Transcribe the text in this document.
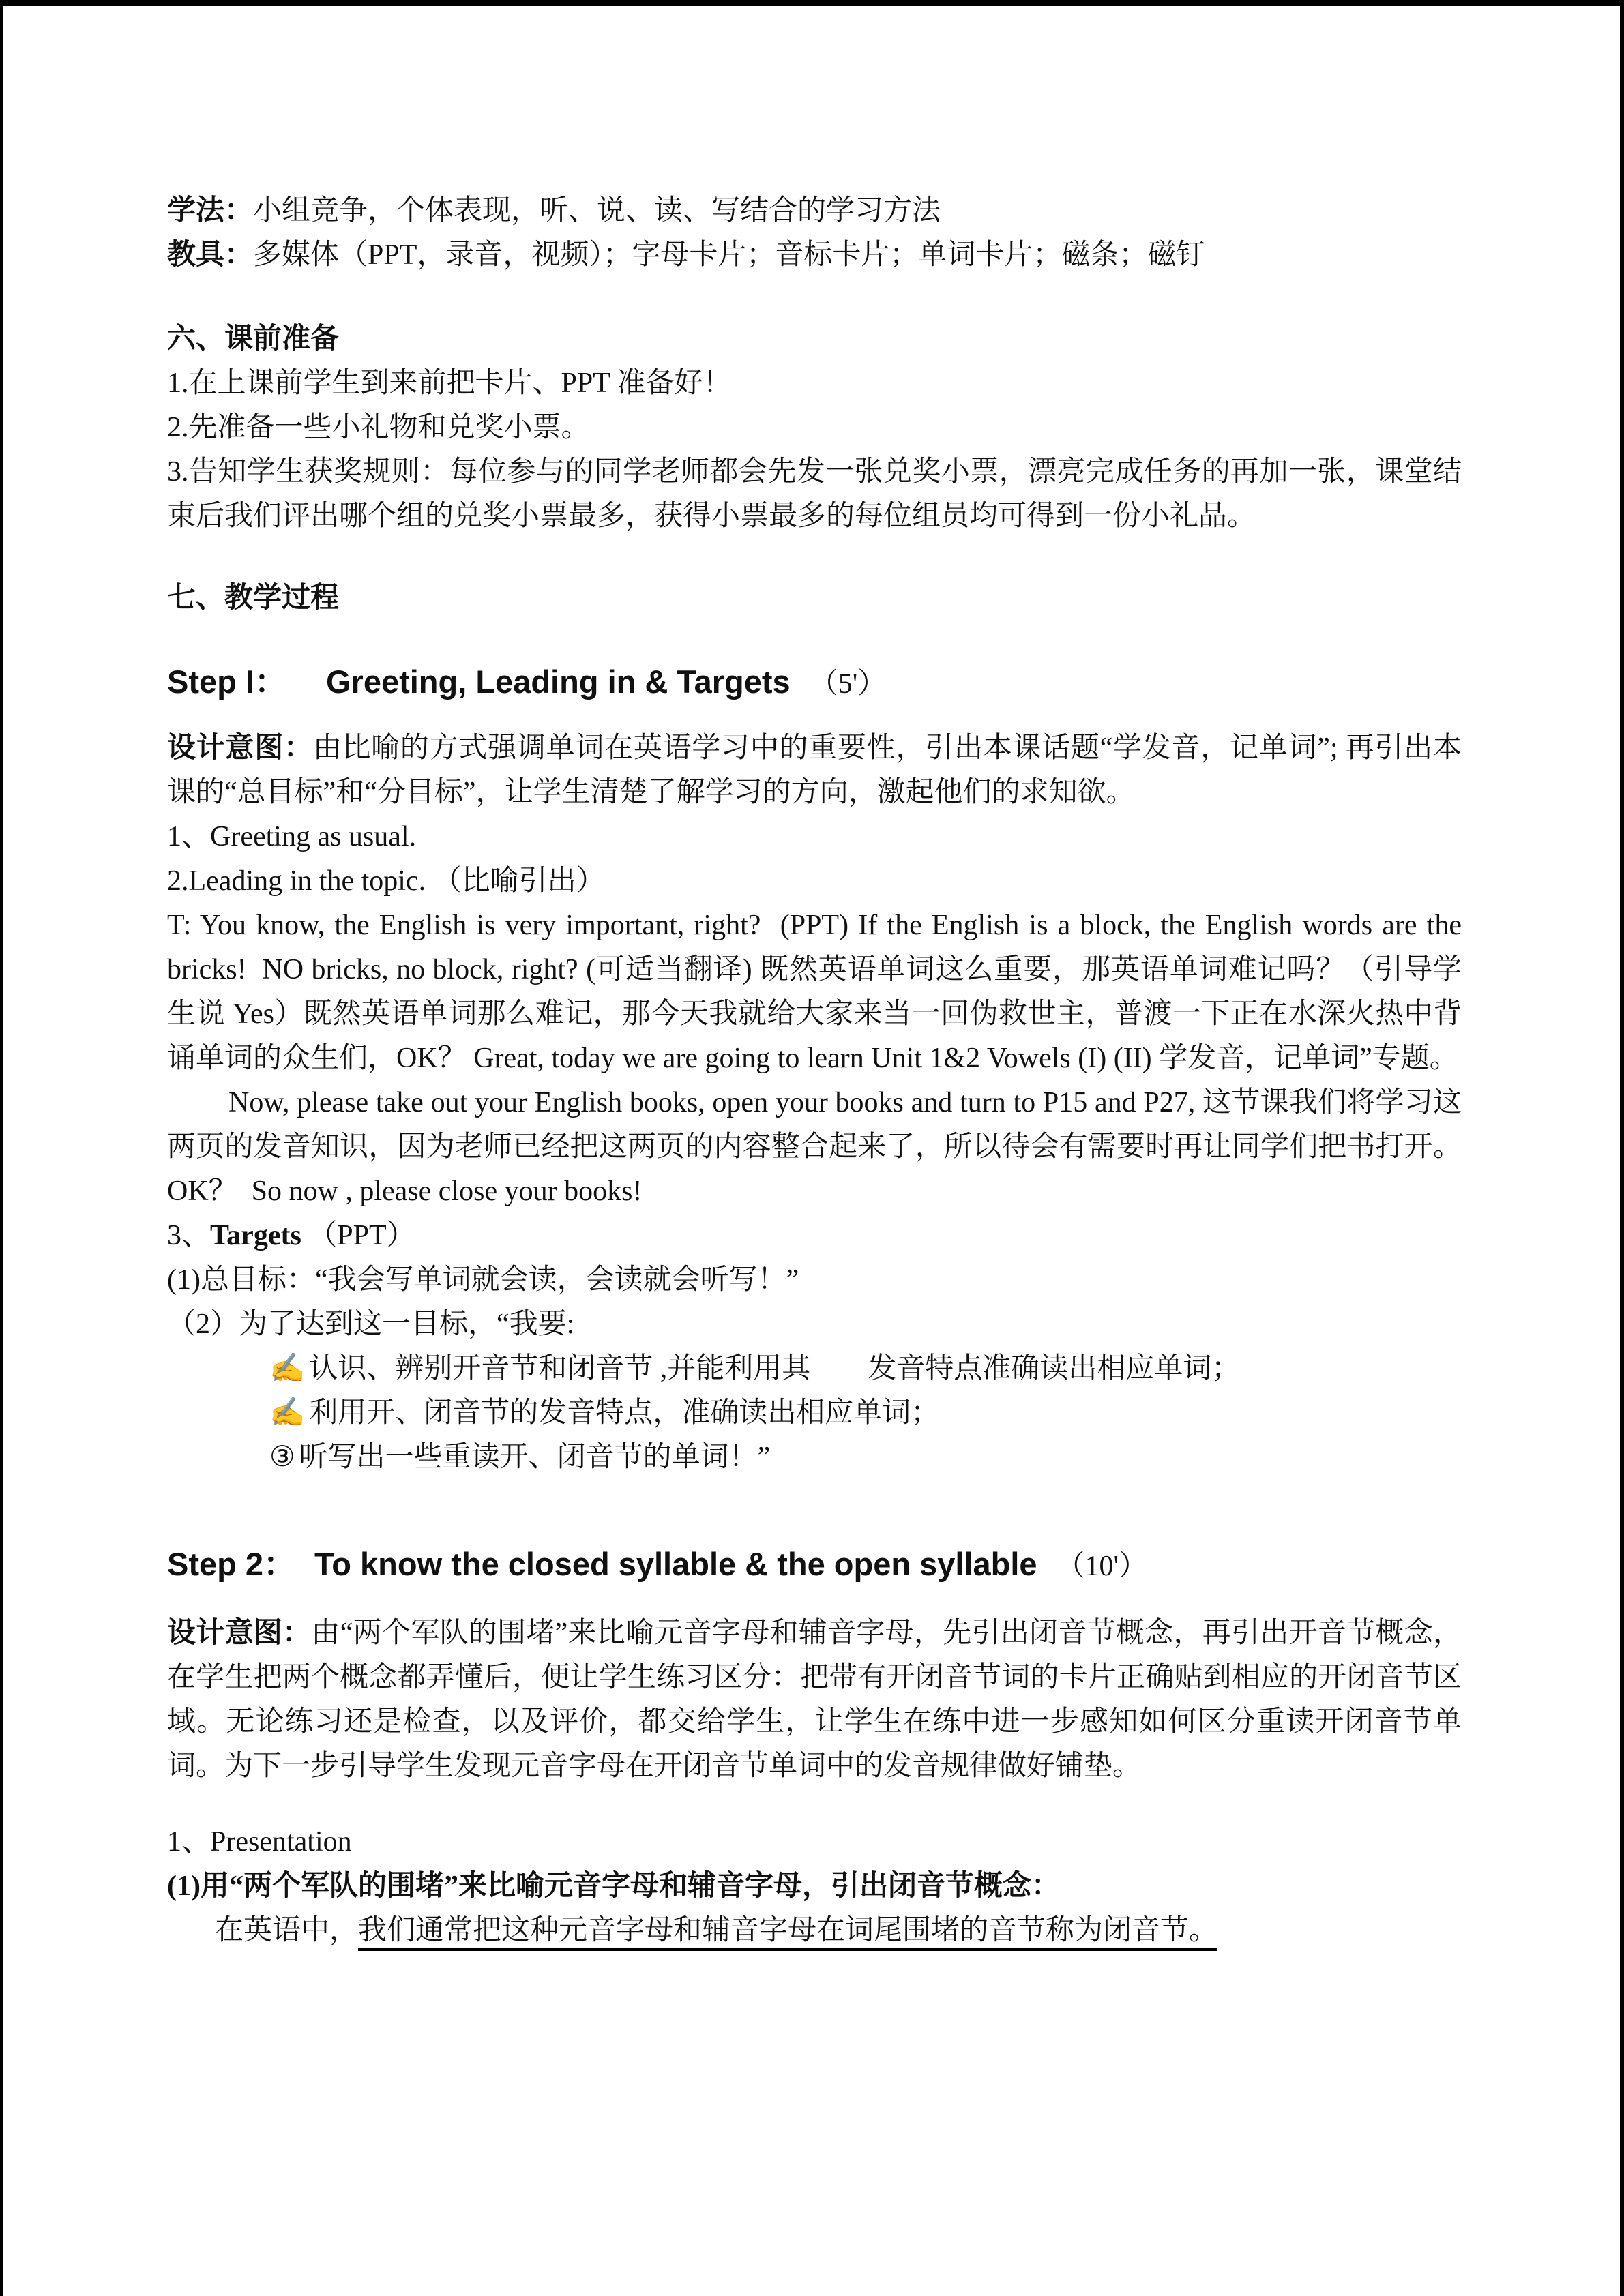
学法：小组竞争，个体表现，听、说、读、写结合的学习方法

教具：多媒体（PPT，录音，视频）；字母卡片；音标卡片；单词卡片；磁条；磁钉

六、课前准备

1.在上课前学生到来前把卡片、PPT 准备好！

2.先准备一些小礼物和兑奖小票。

3.告知学生获奖规则：每位参与的同学老师都会先发一张兑奖小票，漂亮完成任务的再加一张，课堂结束后我们评出哪个组的兑奖小票最多，获得小票最多的每位组员均可得到一份小礼品。

七、教学过程

Step I： Greeting, Leading in & Targets （5'）

设计意图：由比喻的方式强调单词在英语学习中的重要性，引出本课话题“学发音，记单词”; 再引出本课的“总目标”和“分目标”，让学生清楚了解学习的方向，激起他们的求知欲。

1、Greeting as usual.

2.Leading in the topic. （比喻引出）

T: You know, the English is very important, right?  (PPT) If the English is a block, the English words are the bricks!  NO bricks, no block, right? (可适当翻译) 既然英语单词这么重要，那英语单词难记吗？（引导学生说 Yes）既然英语单词那么难记，那今天我就给大家来当一回伪救世主，普渡一下正在水深火热中背诵单词的众生们，OK？ Great, today we are going to learn Unit 1&2 Vowels (I) (II) 学发音，记单词”专题。

Now, please take out your English books, open your books and turn to P15 and P27, 这节课我们将学习这两页的发音知识，因为老师已经把这两页的内容整合起来了，所以待会有需要时再让同学们把书打开。OK？  So now , please close your books!

3、Targets （PPT）

(1)总目标：“我会写单词就会读，会读就会听写！”

（2）为了达到这一目标，“我要:

✍ 认识、辨别开音节和闭音节 ,并能利用其　　发音特点准确读出相应单词；

✍ 利用开、闭音节的发音特点，准确读出相应单词；

③ 听写出一些重读开、闭音节的单词！”

Step 2： To know the closed syllable & the open syllable （10'）

设计意图：由“两个军队的围堵”来比喻元音字母和辅音字母，先引出闭音节概念，再引出开音节概念，在学生把两个概念都弄懂后，便让学生练习区分：把带有开闭音节词的卡片正确贴到相应的开闭音节区域。无论练习还是检查，以及评价，都交给学生，让学生在练中进一步感知如何区分重读开闭音节单词。为下一步引导学生发现元音字母在开闭音节单词中的发音规律做好铺垫。

1、Presentation

(1)用“两个军队的围堵”来比喻元音字母和辅音字母，引出闭音节概念：

在英语中，我们通常把这种元音字母和辅音字母在词尾围堵的音节称为闭音节。
